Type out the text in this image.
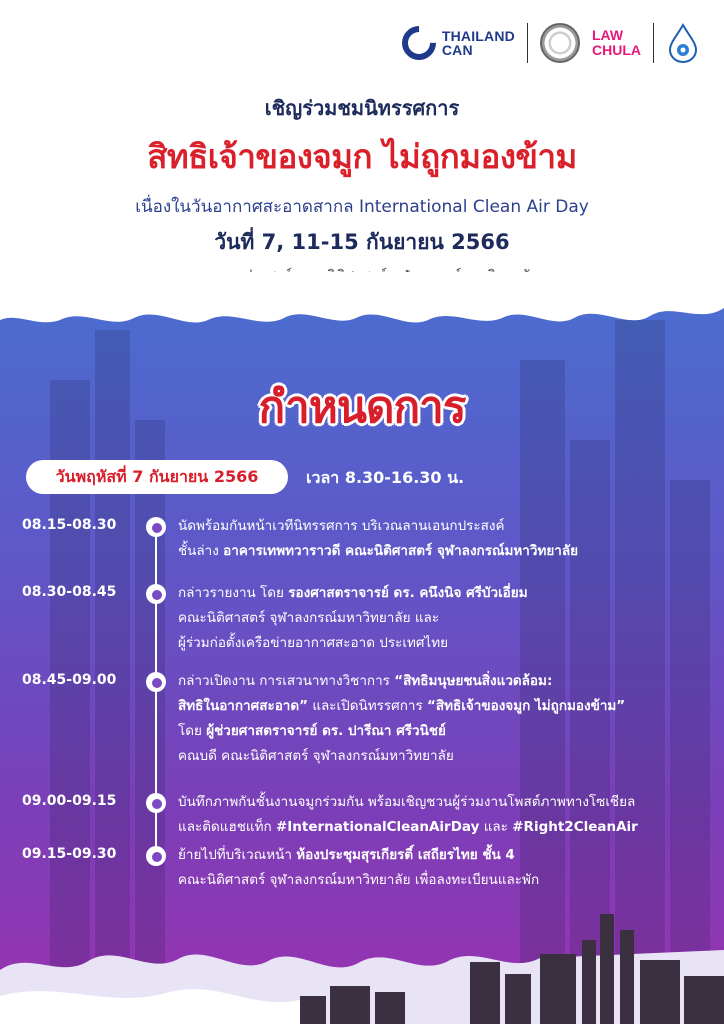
THAILAND
CAN
LAW
CHULA
เชิญร่วมชมนิทรรศการ
สิทธิเจ้าของจมูก ไม่ถูกมองข้าม
เนื่องในวันอากาศสะอาดสากล International Clean Air Day
วันที่ 7, 11-15 กันยายน 2566
กำหนดการ
วันพฤหัสที่ 7 กันยายน 2566	เวลา 8.30-16.30 น.
08.15-08.30	นัดพร้อมกันหน้าเวทีนิทรรศการ บริเวณลานเอนกประสงค์
ชั้นล่าง อาคารเทพทวาราวดี คณะนิติศาสตร์ จุฬาลงกรณ์มหาวิทยาลัย
08.30-08.45	กล่าวรายงาน โดย รองศาสตราจารย์ ดร. คนึงนิจ ศรีบัวเอี่ยม
คณะนิติศาสตร์ จุฬาลงกรณ์มหาวิทยาลัย และ
ผู้ร่วมก่อตั้งเครือข่ายอากาศสะอาด ประเทศไทย
08.45-09.00	กล่าวเปิดงาน การเสวนาทางวิชาการ “สิทธิมนุษยชนสิ่งแวดล้อม:
สิทธิในอากาศสะอาด” และเปิดนิทรรศการ “สิทธิเจ้าของจมูก ไม่ถูกมองข้าม”
โดย ผู้ช่วยศาสตราจารย์ ดร. ปารีณา ศรีวนิชย์
คณบดี คณะนิติศาสตร์ จุฬาลงกรณ์มหาวิทยาลัย
09.00-09.15	บันทึกภาพกันชั้นงานจมูกร่วมกัน พร้อมเชิญชวนผู้ร่วมงานโพสต์ภาพทางโซเชียล
และติดแฮชแท็ก #InternationalCleanAirDay และ #Right2CleanAir
09.15-09.30	ย้ายไปที่บริเวณหน้า ห้องประชุมสุรเกียรติ์ เสถียรไทย ชั้น 4
คณะนิติศาสตร์ จุฬาลงกรณ์มหาวิทยาลัย เพื่อลงทะเบียนและพัก
